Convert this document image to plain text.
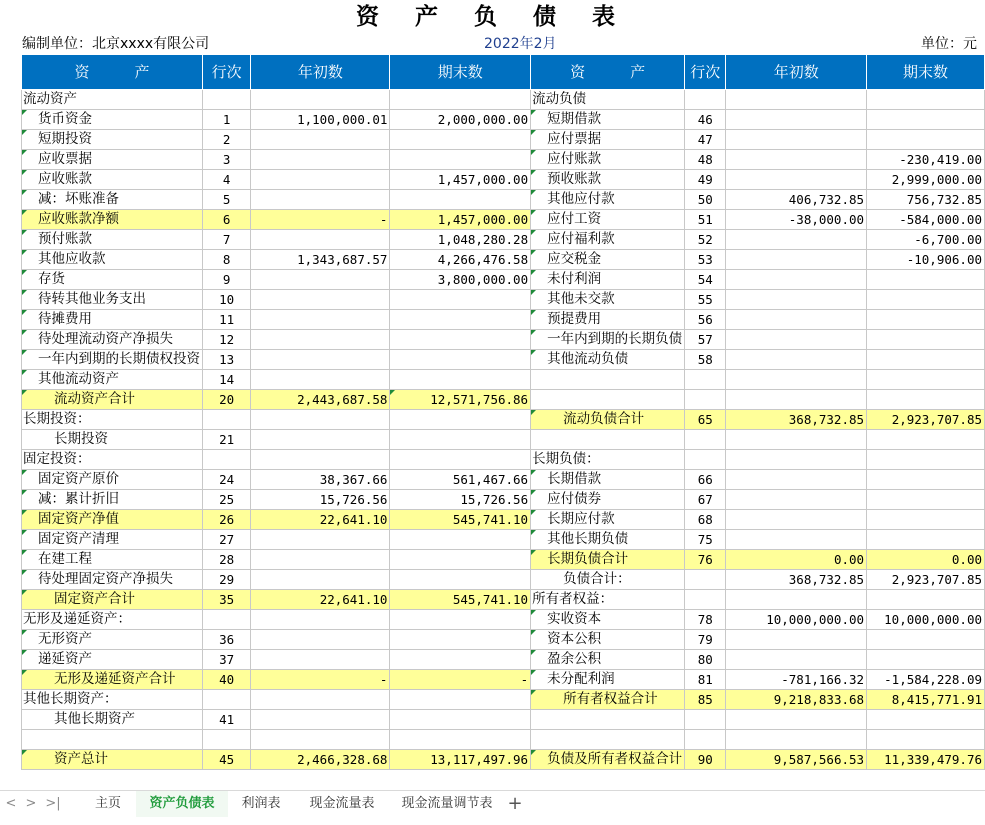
资 产 负 债 表
编制单位：北京xxxx有限公司	2022年2月	单位：元
资　　　产	行次	年初数	期末数	资　　　产	行次	年初数	期末数
流动资产				流动负债			
货币资金	1	1,100,000.01	2,000,000.00	短期借款	46		
短期投资	2			应付票据	47		
应收票据	3			应付账款	48		-230,419.00
应收账款	4		1,457,000.00	预收账款	49		2,999,000.00
减：坏账准备	5			其他应付款	50	406,732.85	756,732.85
应收账款净额	6	-	1,457,000.00	应付工资	51	-38,000.00	-584,000.00
预付账款	7		1,048,280.28	应付福利款	52		-6,700.00
其他应收款	8	1,343,687.57	4,266,476.58	应交税金	53		-10,906.00
存货	9		3,800,000.00	未付利润	54		
待转其他业务支出	10			其他未交款	55		
待摊费用	11			预提费用	56		
待处理流动资产净损失	12			一年内到期的长期负债	57		
一年内到期的长期债权投资	13			其他流动负债	58		
其他流动资产	14						
流动资产合计	20	2,443,687.58	12,571,756.86				
长期投资：				流动负债合计	65	368,732.85	2,923,707.85
长期投资	21						
固定投资：				长期负债：			
固定资产原价	24	38,367.66	561,467.66	长期借款	66		
减：累计折旧	25	15,726.56	15,726.56	应付债券	67		
固定资产净值	26	22,641.10	545,741.10	长期应付款	68		
固定资产清理	27			其他长期负债	75		
在建工程	28			长期负债合计	76	0.00	0.00
待处理固定资产净损失	29			负债合计：		368,732.85	2,923,707.85
固定资产合计	35	22,641.10	545,741.10	所有者权益：			
无形及递延资产：				实收资本	78	10,000,000.00	10,000,000.00
无形资产	36			资本公积	79		
递延资产	37			盈余公积	80		
无形及递延资产合计	40	-	-	未分配利润	81	-781,166.32	-1,584,228.09
其他长期资产：				所有者权益合计	85	9,218,833.68	8,415,771.91
其他长期资产	41						

资产总计	45	2,466,328.68	13,117,497.96	负债及所有者权益合计	90	9,587,566.53	11,339,479.76
< > >|	主页	资产负债表	利润表	现金流量表	现金流量调节表 +
